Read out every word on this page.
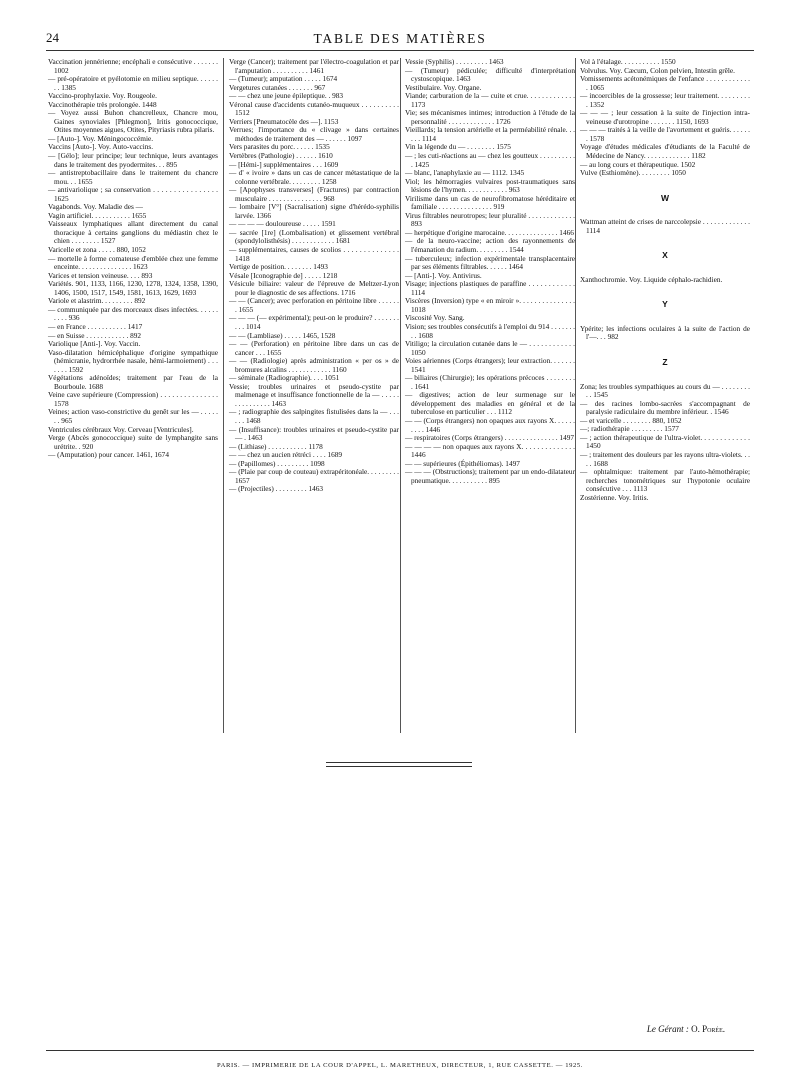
24	TABLE DES MATIÈRES
Vaccination jennérienne; encéphali e consécutive . . . . . . . 1002
— pré-opératoire et pyélotomie en milieu septique. . . . . . . . 1385
Vaccino-prophylaxie. Voy. Rougeole.
Vaccinothérapie très prolongée. 1448
— Voyez aussi Buhon chancrelleux, Chancre mou, Gaines synoviales [Phlegmon], Iritis gonococcique, Otites moyennes aigues, Otites, Pityriasis rubra pilaris.
— [Auto-]. Voy. Méningococcémie.
Vaccins [Auto-]. Voy. Auto-vaccins.
— [Gélo]; leur principe; leur technique, leurs avantages dans le traitement des pyodermites. . . 895
— antistreptobacillaire dans le traitement du chancre mou. . . 1655
— antivariolique ; sa conservation . . . . . . . . . . . . . . . . 1625
Vagabonds. Voy. Maladie des —
Vagin artificiel. . . . . . . . . . . 1655
Vaisseaux lymphatiques allant directement du canal thoracique à certains ganglions du médiastin chez le chien . . . . . . . . 1527
Varicelle et zona . . . . . 880, 1052
— mortelle à forme comateuse d'emblée chez une femme enceinte. . . . . . . . . . . . . . . 1623
Varices et tension veineuse. . . . 893
Variétés. 901, 1133, 1166, 1230, 1278, 1324, 1358, 1390, 1406, 1500, 1517, 1549, 1581, 1613, 1629, 1693
Variole et alastrim. . . . . . . . . 892
— communiquée par des morceaux dises infectées. . . . . . . . . . 936
— en France . . . . . . . . . . . 1417
— en Suisse . . . . . . . . . . . . 892
Variolique [Anti-]. Voy. Vaccin.
Vaso-dilatation hémicéphalique d'origine sympathique (hémicranie, hydrorrhée nasale, hémi-larmoiement) . . . . . . . 1592
Végétations adénoïdes; traitement par l'eau de la Bourboule. 1688
Veine cave supérieure (Compression) . . . . . . . . . . . . . . . 1578
Veines; action vaso-constrictive du genêt sur les — . . . . . . . 965
Ventricules cérébraux Voy. Cerveau [Ventricules].
Verge (Abcès gonococcique) suite de lymphangite sans urétrite. . 920
— (Amputation) pour cancer. 1461, 1674
Verge (Cancer); traitement par l'électro-coagulation et par l'amputation . . . . . . . . . . 1461
— (Tumeur); amputation . . . . . 1674
Vergetures cutanées . . . . . . . 967
— — chez une jeune épileptique. . 983
Véronal cause d'accidents cutanéo-muqueux . . . . . . . . . . 1512
Verriers [Pneumatocèle des —]. 1153
Verrues; l'importance du « clivage » dans certaines méthodes de traitement des — . . . . . . 1097
Vers parasites du porc. . . . . . 1535
Vertèbres (Pathologie) . . . . . . 1610
— [Hémi-] supplémentaires . . . 1609
— d' « ivoire » dans un cas de cancer métastatique de la colonne vertébrale. . . . . . . . . 1258
— [Apophyses transverses] (Fractures) par contraction musculaire . . . . . . . . . . . . . . . 968
— lombaire [V°] (Sacralisation) signe d'hérédo-syphilis larvée. 1366
— — — — douloureuse . . . . . 1591
— sacrée [1re] (Lombalisation) et glissement vertébral (spondylolisthésis) . . . . . . . . . . . . 1681
— supplémentaires, causes de scolios . . . . . . . . . . . . . . 1418
Vertige de position. . . . . . . . 1493
Vésale [Iconographie de] . . . . . 1218
Vésicule biliaire: valeur de l'épreuve de Meltzer-Lyon pour le diagnostic de ses affections. 1716
— — (Cancer); avec perforation en péritoine libre . . . . . . . 1655
— — — (— expérimental); peut-on le produire? . . . . . . . . . . 1014
— — (Lambliase) . . . . . 1465, 1528
— — (Perforation) en péritoine libre dans un cas de cancer . . . 1655
— — (Radiologie) après administration « per os » de bromures alcalins . . . . . . . . . . . . 1160
— séminale (Radiographie). . . . 1051
Vessie; troubles urinaires et pseudo-cystite par malmenage et insuffisance fonctionnelle de la — . . . . . . . . . . . . . . . 1463
— ; radiographie des salpingites fistulisées dans la — . . . . . . 1468
— (Insuffisance): troubles urinaires et pseudo-cystite par — . 1463
— (Lithiase) . . . . . . . . . . . 1178
— — chez un aucien rétréci . . . . 1689
— (Papillomes) . . . . . . . . . 1098
— (Plaie par coup de couteau) extrapéritonéale. . . . . . . . . 1657
— (Projectiles) . . . . . . . . . 1463
Vessie (Syphilis) . . . . . . . . . 1463
— (Tumeur) pédiculée; difficulté d'interprétation cystoscopique. 1463
Vestibulaire. Voy. Organe.
Viande; carburation de la — cuite et crue. . . . . . . . . . . . . 1173
Vie; ses mécanismes intimes; introduction à l'étude de la personnalité . . . . . . . . . . . . . 1726
Vieillards; la tension artérielle et la perméabilité rénale. . . . . . 1114
Vin la légende du — . . . . . . . . 1575
— ; les cuti-réactions au — chez les goutteux . . . . . . . . . . . 1425
— blanc, l'anaphylaxie au — 1112. 1345
Viol; les hémorragies vulvaires post-traumatiques sans lésions de l'hymen. . . . . . . . . . . . 963
Virilisme dans un cas de neurofibromatose héréditaire et familiale . . . . . . . . . . . . . . . 919
Virus filtrables neurotropes; leur pluralité . . . . . . . . . . . . . 893
— herpétique d'origine marocaine. . . . . . . . . . . . . . . 1466
— de la neuro-vaccine; action des rayonnements de l'émanation du radium. . . . . . . . . 1544
— tuberculeux; infection expérimentale transplacentaire par ses éléments filtrables. . . . . . 1464
— [Anti-]. Voy. Antivirus.
Visage; injections plastiques de paraffine . . . . . . . . . . . . 1114
Viscères (Inversion) type « en miroir ». . . . . . . . . . . . . . . 1018
Viscosité Voy. Sang.
Vision; ses troubles consécutifs à l'emploi du 914 . . . . . . . . . 1608
Vitiligo; la circulation cutanée dans le — . . . . . . . . . . . . 1050
Voies aériennes (Corps étrangers); leur extraction. . . . . . . 1541
— biliaires (Chirurgie); les opérations précoces . . . . . . . . . 1641
— digestives; action de leur surmenage sur le développement des maladies en général et de la tuberculose en particulier . . . 1112
— — (Corps étrangers) non opaques aux rayons X. . . . . . . . . . 1446
— respiratoires (Corps étrangers) . . . . . . . . . . . . . . . 1497
— — — — non opaques aux rayons X. . . . . . . . . . . . . . 1446
— — supérieures (Épithéliomas). 1497
— — — (Obstructions); traitement par un endo-dilatateur pneumatique. . . . . . . . . . . 895
Vol à l'étalage. . . . . . . . . . . 1550
Volvulus. Voy. Cæcum, Colon pelvien, Intestin grêle.
Vomissements acétonémiques de l'enfance . . . . . . . . . . . . . 1065
— incoercibles de la grossesse; leur traitement. . . . . . . . . . 1352
— — — ; leur cessation à la suite de l'injection intra-veineuse d'urotropine . . . . . . . 1150, 1693
— — — traités à la veille de l'avortement et guéris. . . . . . . 1578
Voyage d'études médicales d'étudiants de la Faculté de Médecine de Nancy. . . . . . . . . . . . . 1182
— au long cours et thérapeutique. 1502
Vulve (Esthiomène). . . . . . . . . 1050
W
Wattman atteint de crises de narccolepsie . . . . . . . . . . . . . 1114
X
Xanthochromie. Voy. Liquide céphalo-rachidien.
Y
Ypérite; les infections oculaires à la suite de l'action de l'—. . . 982
Z
Zona; les troubles sympathiques au cours du — . . . . . . . . . . 1545
— des racines lombo-sacrées s'accompagnant de paralysie radiculaire du membre inférieur. . 1546
— et varicelle . . . . . . . . 880, 1052
—; radiothérapie . . . . . . . . . 1577
— ; action thérapeutique de l'ultra-violet. . . . . . . . . . . . . 1450
— ; traitement des douleurs par les rayons ultra-violets. . . . . 1688
— ophtalmique: traitement par l'auto-hémothérapie; recherches tonométriques sur l'hypotonie oculaire consécutive . . . 1113
Zostérienne. Voy. Iritis.
Le Gérant : O. Porée.
PARIS. — IMPRIMERIE DE LA COUR D'APPEL, L. MARETHEUX, DIRECTEUR, 1, RUE CASSETTE. — 1925.
